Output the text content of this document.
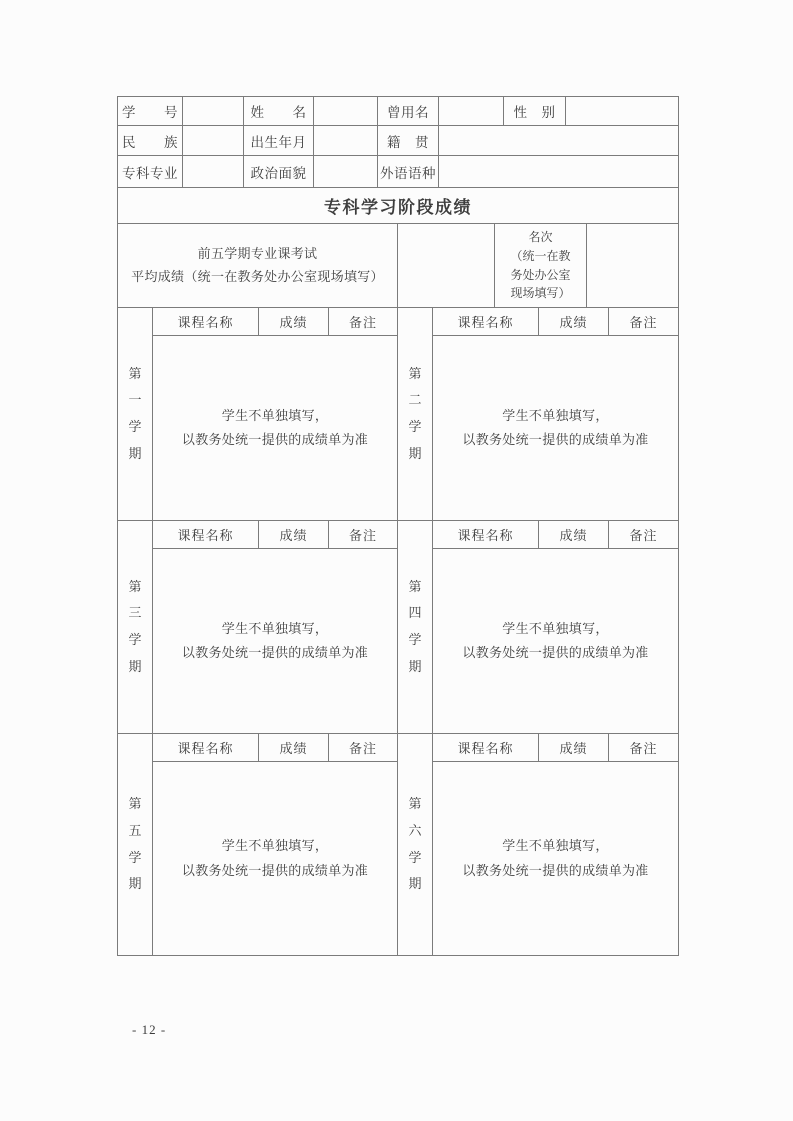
学　　号	姓　　名	曾用名	性　别
民　　族	出生年月	籍　贯
专科专业	政治面貌	外语语种
专科学习阶段成绩
前五学期专业课考试
平均成绩（统一在教务处办公室现场填写）
名次
（统一在教
务处办公室
现场填写）
第一学期
课程名称	成绩	备注
学生不单独填写，
以教务处统一提供的成绩单为准
第二学期
课程名称	成绩	备注
学生不单独填写，
以教务处统一提供的成绩单为准
第三学期
课程名称	成绩	备注
学生不单独填写，
以教务处统一提供的成绩单为准
第四学期
课程名称	成绩	备注
学生不单独填写，
以教务处统一提供的成绩单为准
第五学期
课程名称	成绩	备注
学生不单独填写，
以教务处统一提供的成绩单为准
第六学期
课程名称	成绩	备注
学生不单独填写，
以教务处统一提供的成绩单为准
- 12 -
